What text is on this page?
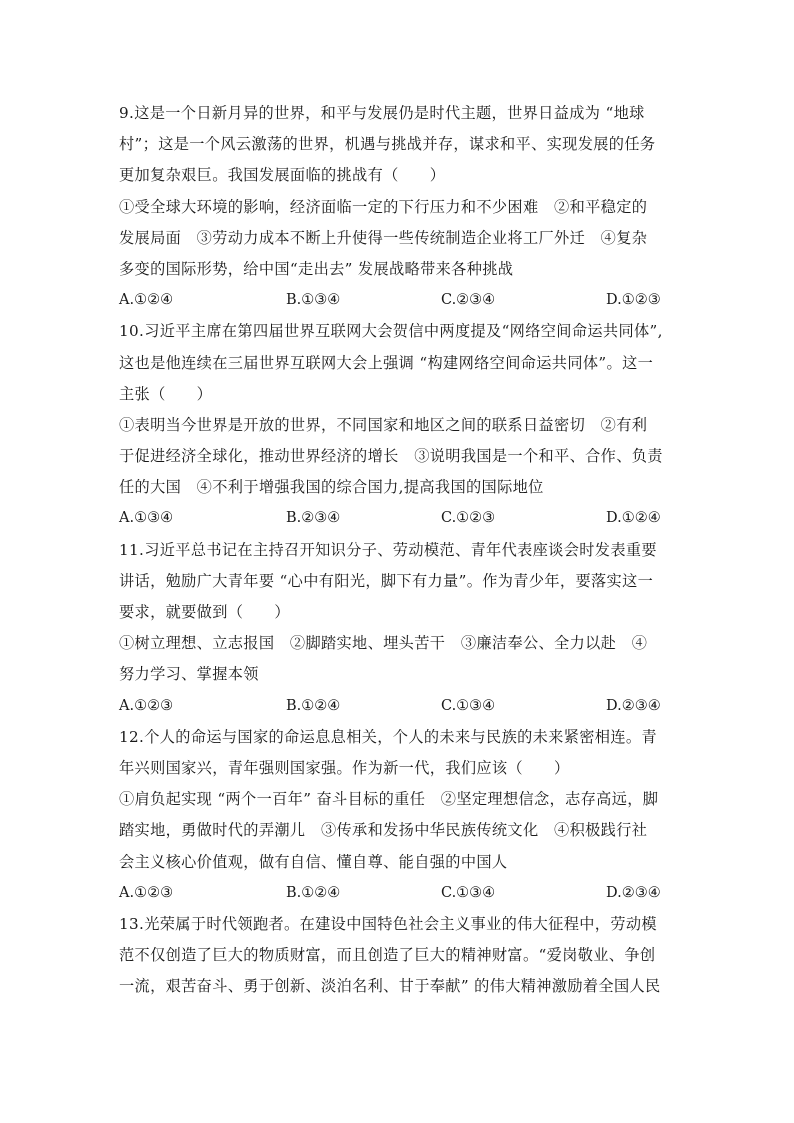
9.这是一个日新月异的世界，和平与发展仍是时代主题，世界日益成为 “地球
村”；这是一个风云激荡的世界，机遇与挑战并存，谋求和平、实现发展的任务
更加复杂艰巨。我国发展面临的挑战有（　　）
①受全球大环境的影响，经济面临一定的下行压力和不少困难　②和平稳定的
发展局面　③劳动力成本不断上升使得一些传统制造企业将工厂外迁　④复杂
多变的国际形势，给中国“走出去” 发展战略带来各种挑战
A.①②④	B.①③④	C.②③④	D.①②③
10.习近平主席在第四届世界互联网大会贺信中两度提及“网络空间命运共同体”,
这也是他连续在三届世界互联网大会上强调 “构建网络空间命运共同体”。这一
主张（　　）
①表明当今世界是开放的世界，不同国家和地区之间的联系日益密切　②有利
于促进经济全球化，推动世界经济的增长　③说明我国是一个和平、合作、负责
任的大国　④不利于增强我国的综合国力,提高我国的国际地位
A.①③④	B.②③④	C.①②③	D.①②④
11.习近平总书记在主持召开知识分子、劳动模范、青年代表座谈会时发表重要
讲话，勉励广大青年要 “心中有阳光，脚下有力量”。作为青少年，要落实这一
要求，就要做到（　　）
①树立理想、立志报国　②脚踏实地、埋头苦干　③廉洁奉公、全力以赴　④
努力学习、掌握本领
A.①②③	B.①②④	C.①③④	D.②③④
12.个人的命运与国家的命运息息相关，个人的未来与民族的未来紧密相连。青
年兴则国家兴，青年强则国家强。作为新一代，我们应该（　　）
①肩负起实现 “两个一百年” 奋斗目标的重任　②坚定理想信念，志存高远，脚
踏实地，勇做时代的弄潮儿　③传承和发扬中华民族传统文化　④积极践行社
会主义核心价值观，做有自信、懂自尊、能自强的中国人
A.①②③	B.①②④	C.①③④	D.②③④
13.光荣属于时代领跑者。在建设中国特色社会主义事业的伟大征程中，劳动模
范不仅创造了巨大的物质财富，而且创造了巨大的精神财富。“爱岗敬业、争创
一流，艰苦奋斗、勇于创新、淡泊名利、甘于奉献” 的伟大精神激励着全国人民
